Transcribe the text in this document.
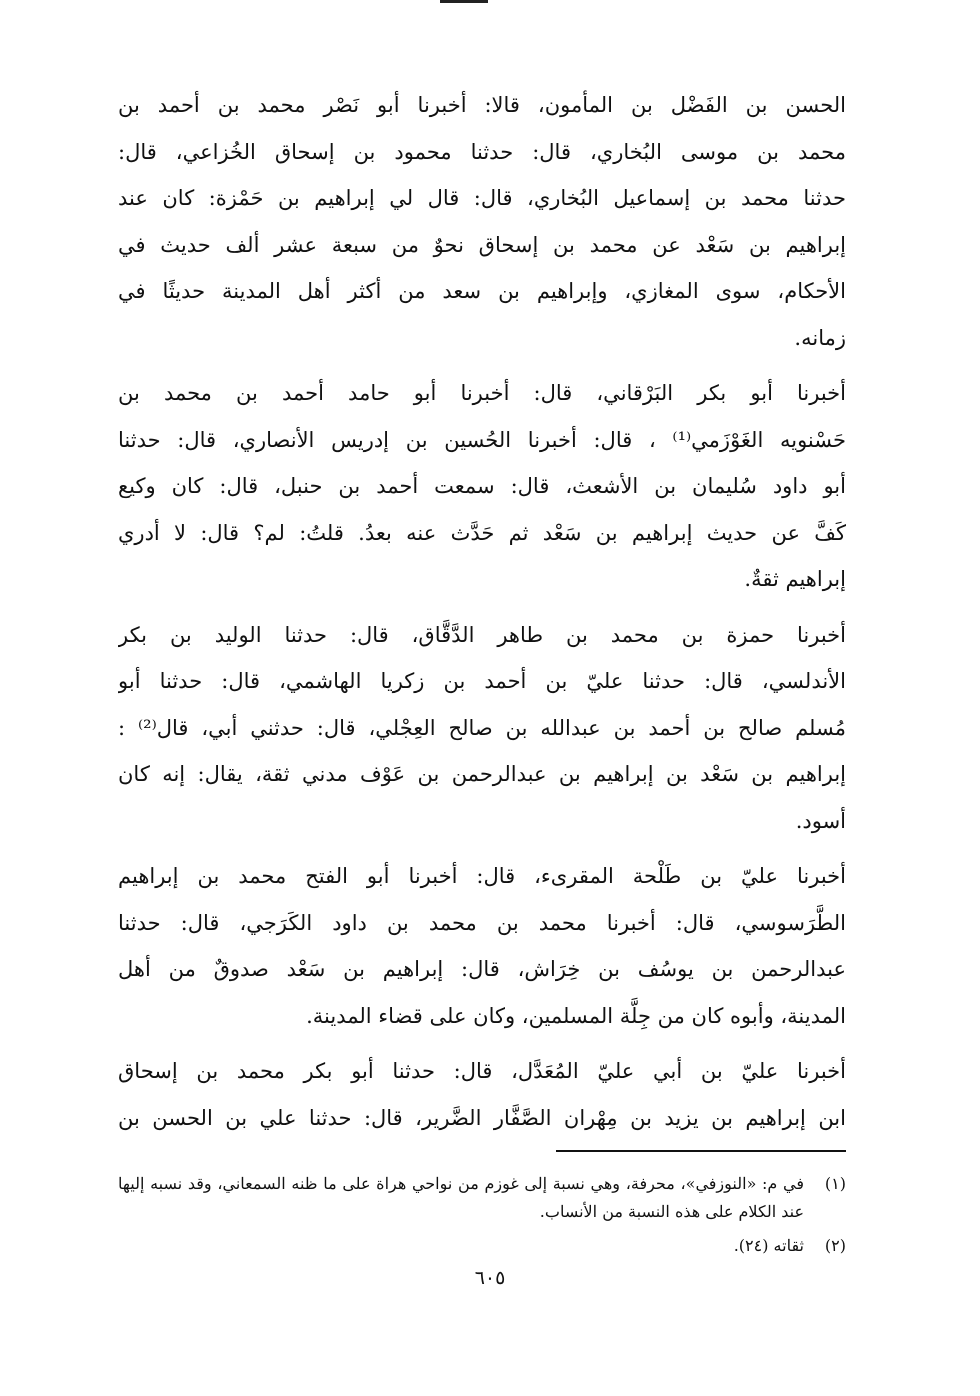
الحسن بن الفَضْل بن المأمون، قالا: أخبرنا أبو نَصْر محمد بن أحمد بن
محمد بن موسى البُخاري، قال: حدثنا محمود بن إسحاق الخُزاعي، قال:
حدثنا محمد بن إسماعيل البُخاري، قال: قال لي إبراهيم بن حَمْزة: كان عند
إبراهيم بن سَعْد عن محمد بن إسحاق نحوٌ من سبعة عشر ألف حديث في
الأحكام، سوى المغازي، وإبراهيم بن سعد من أكثر أهل المدينة حديثًا في
زمانه.
أخبرنا أبو بكر البَرْقاني، قال: أخبرنا أبو حامد أحمد بن محمد بن
حَسْنويه الغَوْزَمي⁽¹⁾ ، قال: أخبرنا الحُسين بن إدريس الأنصاري، قال: حدثنا
أبو داود سُليمان بن الأشعث، قال: سمعت أحمد بن حنبل، قال: كان وكيع
كَفَّ عن حديث إبراهيم بن سَعْد ثم حَدَّث عنه بعدُ. قلتُ: لم؟ قال: لا أدري
إبراهيم ثقةٌ.
أخبرنا حمزة بن محمد بن طاهر الدَّقَّاق، قال: حدثنا الوليد بن بكر
الأندلسي، قال: حدثنا عليّ بن أحمد بن زكريا الهاشمي، قال: حدثنا أبو
مُسلم صالح بن أحمد بن عبدالله بن صالح العِجْلي، قال: حدثني أبي، قال⁽²⁾ :
إبراهيم بن سَعْد بن إبراهيم بن عبدالرحمن بن عَوْف مدني ثقة، يقال: إنه كان
أسود.
أخبرنا عليّ بن طَلْحة المقرىء، قال: أخبرنا أبو الفتح محمد بن إبراهيم
الطَّرَسوسي، قال: أخبرنا محمد بن محمد بن داود الكَرَجي، قال: حدثنا
عبدالرحمن بن يوسُف بن خِرَاش، قال: إبراهيم بن سَعْد صدوقٌ من أهل
المدينة، وأبوه كان من جِلَّة المسلمين، وكان على قضاء المدينة.
أخبرنا عليّ بن أبي عليّ المُعَدَّل، قال: حدثنا أبو بكر محمد بن إسحاق
ابن إبراهيم بن يزيد بن مِهْران الصَّفَّار الضَّرير، قال: حدثنا علي بن الحسن بن
(١)
في م: «النوزفي»، محرفة، وهي نسبة إلى غوزم من نواحي هراة على ما ظنه السمعاني، وقد نسبه إليها عند الكلام على هذه النسبة من الأنساب.
(٢)
ثقاته (٢٤).
٦٠٥
